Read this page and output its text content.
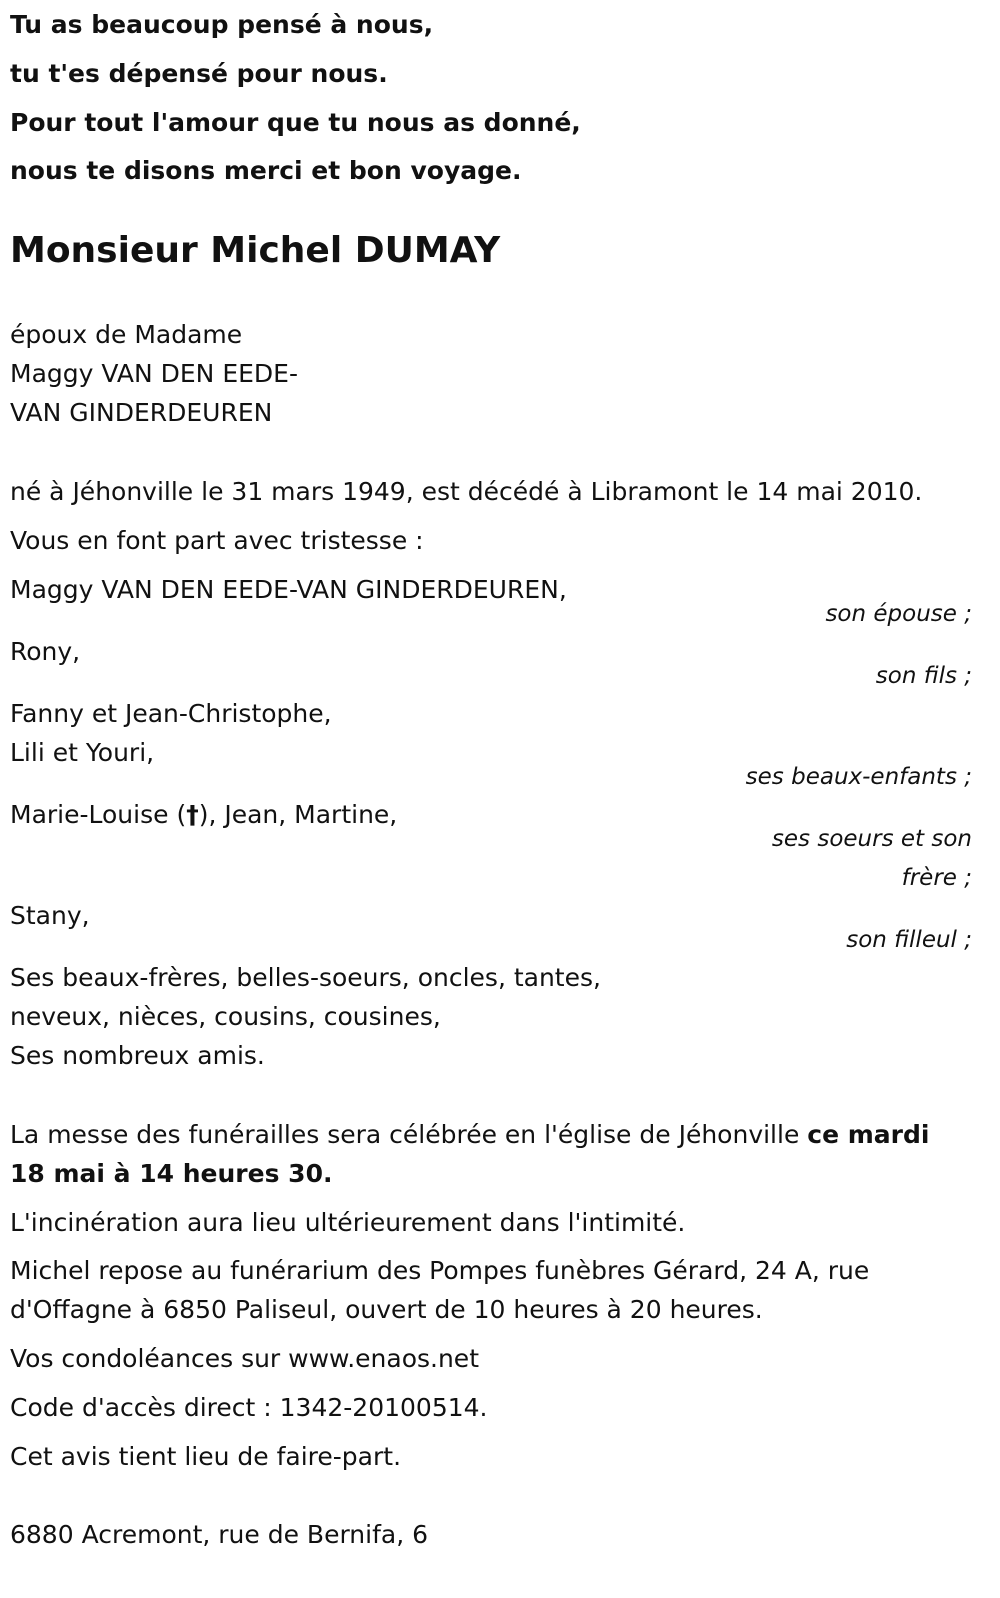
Tu as beaucoup pensé à nous,
tu t'es dépensé pour nous.
Pour tout l'amour que tu nous as donné,
nous te disons merci et bon voyage.
Monsieur Michel DUMAY
époux de Madame
Maggy VAN DEN EEDE-
VAN GINDERDEUREN
né à Jéhonville le 31 mars 1949, est décédé à Libramont le 14 mai 2010.
Vous en font part avec tristesse :
Maggy VAN DEN EEDE-VAN GINDERDEUREN,
son épouse ;
Rony,
son fils ;
Fanny et Jean-Christophe,
Lili et Youri,
ses beaux-enfants ;
Marie-Louise (†), Jean, Martine,
ses soeurs et son
frère ;
Stany,
son filleul ;
Ses beaux-frères, belles-soeurs, oncles, tantes,
neveux, nièces, cousins, cousines,
Ses nombreux amis.
La messe des funérailles sera célébrée en l'église de Jéhonville ce mardi
18 mai à 14 heures 30.
L'incinération aura lieu ultérieurement dans l'intimité.
Michel repose au funérarium des Pompes funèbres Gérard, 24 A, rue
d'Offagne à 6850 Paliseul, ouvert de 10 heures à 20 heures.
Vos condoléances sur www.enaos.net
Code d'accès direct : 1342-20100514.
Cet avis tient lieu de faire-part.
6880 Acremont, rue de Bernifa, 6
